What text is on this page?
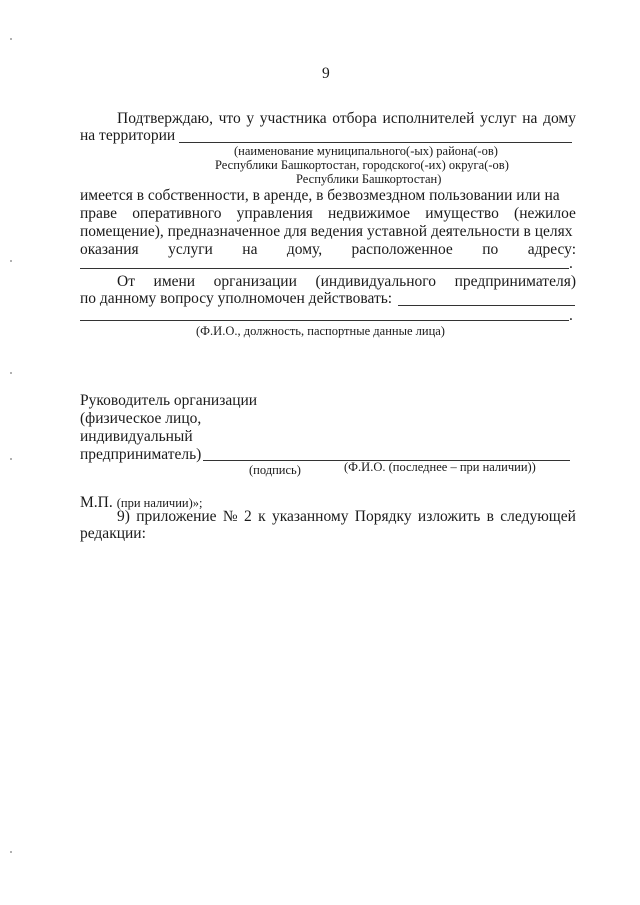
9
Подтверждаю, что у участника отбора исполнителей услуг на дому
на территории
(наименование муниципального(-ых) района(-ов)
Республики Башкортостан, городского(-их) округа(-ов)
Республики Башкортостан)
имеется в собственности, в аренде, в безвозмездном пользовании или на
праве оперативного управления недвижимое имущество (нежилое
помещение), предназначенное для ведения уставной деятельности в целях
оказания услуги на дому, расположенное по адресу:
.
От имени организации (индивидуального предпринимателя)
по данному вопросу уполномочен действовать:
.
(Ф.И.О., должность, паспортные данные лица)
Руководитель организации
(физическое лицо,
индивидуальный
предприниматель)
(подпись)	(Ф.И.О. (последнее – при наличии))
М.П. (при наличии)»;
9) приложение № 2 к указанному Порядку изложить в следующей
редакции:
